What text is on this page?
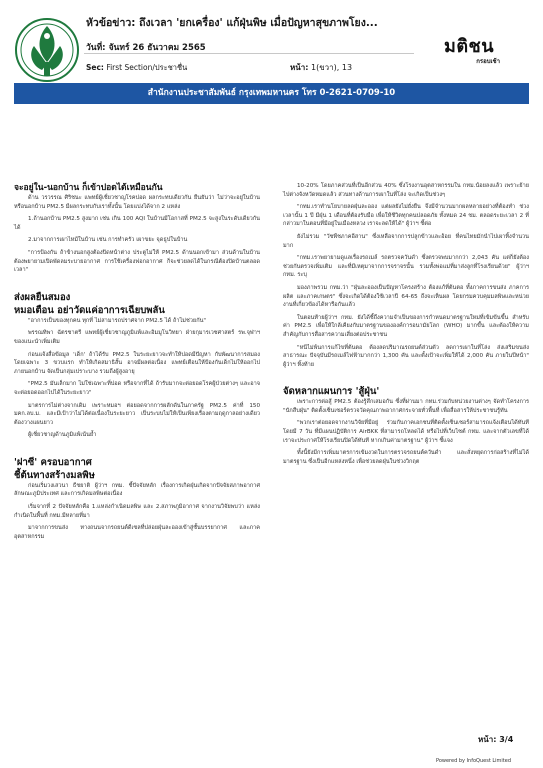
หัวข้อข่าว: ถึงเวลา 'ยกเครื่อง' แก้ฝุ่นพิษ เมื่อปัญหาสุขภาพโยง...
วันที่: จันทร์ 26 ธันวาคม 2565
Sec: First Section/ประชาชื่น	หน้า: 1(ขวา), 13
มติชน
กรอบเช้า
สำนักงานประชาสัมพันธ์ กรุงเทพมหานคร โทร 0-2621-0709-10
จะอยู่ใน-นอกบ้าน ก็เข้าปอดได้เหมือนกัน

ด้าน วรวรรณ ศิริชนะ แพทย์ผู้เชี่ยวชาญโรคปอด ผลกระทบเดียวกัน ยืนยันว่า ไม่ว่าจะอยู่ในบ้าน หรือนอกบ้าน PM2.5 มีผลกระทบกับเราทั้งนั้น โดยแบ่งได้จาก 2 แหล่ง

1.ถ้านอกบ้าน PM2.5 สูงมาก เช่น เกิน 100 AQI ในบ้านมีโอกาสที่ PM2.5 จะสูงในระดับเดียวกันได้

2.มาจากการเผาไหม้ในบ้าน เช่น การทำครัว เผาขยะ จุดธูปในบ้าน

"การป้องกัน ถ้าข้างนอกสูงต้องปิดหน้าต่าง ประตูไม่ให้ PM2.5 ด้านนอกเข้ามา ส่วนด้านในบ้านต้องพยายามเปิดพัดลมระบายอากาศ การใช้เครื่องฟอกอากาศ ก็จะช่วยลดได้ในกรณีต้องปิดบ้านตลอดเวลา"

ส่งผลยืนสมอง
หมอเตือน อย่าวัดแค่อาการเฉียบพลัน

"อาการเป็นของทุกคน ทุกที่ ไม่สามารถปราศจาก PM2.5 ได้ ถ้าไม่ช่วยกัน"

พรรณทิพา ฉัตรชาตรี แพทย์ผู้เชี่ยวชาญภูมิแพ้และอิมมูโนวิทยา ฝ่ายกุมารเวชศาสตร์ รพ.จุฬาฯ ของแนะนำเพิ่มเติม

ก่อนแจ้งสื่อข้อมูล 'เด็ก' ถ้าได้รับ PM2.5 ในระยะยาวจะทำให้ปอดมีปัญหา กับพัฒนาการสมอง โดยเฉพาะ 3 ขวบแรก ทำให้เกิดสมาธิสั้น อาจมีผลต่อเนื่อง แพทย์เตือนให้ป้องกันเด็กไม่ให้ออกไปภายนอกบ้าน จัดเป็นกลุ่มเปราะบาง รวมถึงผู้สูงอายุ

"PM2.5 มันเล็กมาก ไม่ใช่เฉพาะที่ปอด หรือจากที่ได้ ถ้ารับมากจะต่อยอดโรคผู้ป่วยต่างๆ และอาจจะต่อยอดออกไปได้ในระยะยาว"

มาตรการไม่ต่างจากเดิม เพราะหมอฯ ต่อยอดจากการผลักดันในภาครัฐ PM2.5 ค่าที่ 150 มคก.ลบ.ม. และมีเป้าว่าไม่ได้ต่อเนื่องในระยะยาว เป็นระบบไม่ให้เป็นเพียงเรื่องตามฤดูกาลอย่างเดียว ต้องวางแผนยาว

ผู้เชี่ยวชาญด้านภูมิแพ้เน้นย้ำ

'ฝาซี' ครอบอากาศ
ชี้ต้นทางสร้างมลพิษ

ก่อนเริ่มวงเสวนา ธีชยาติ ผู้ว่าฯ กทม. ชี้ปัจจัยหลัก เรื่องการเกิดฝุ่นเกิดจากปัจจัยสภาพอากาศ ลักษณะภูมิประเทศ และการเกิดมลพิษต่อเนื่อง

เริ่มจากที่ 2 ปัจจัยหลักคือ 1.แหล่งกำเนิดมลพิษ และ 2.สภาพภูมิอากาศ จากงานวิจัยพบว่า แหล่งกำเนิดในพื้นที่ กทม.มีหลายที่มา

มาจากการขนส่ง ทางถนนจากรถยนต์ดีเซลที่ปล่อยฝุ่นละอองเข้าสู่ชั้นบรรยากาศ และภาคอุตสาหกรรม

10-20% โดยภาคส่วนที่เป็นอีกส่วน 40% ซึ่งโรงงานอุตสาหกรรมใน กทม.น้อยลงแล้ว เพราะย้ายไปต่างจังหวัดหมดแล้ว ส่วนทางด้านการเผาในที่โล่ง จะเกิดเป็นช่วงๆ

"กทม.เราทำนโยบายลดฝุ่นละออง แต่ผลยังไม่ยั่งยืน จึงมีจำนวนมากผลหลายอย่างที่ต้องทำ ช่วงเวลานั้น 1 ปี มีฝุ่น 1 เดือนที่ต้องรับมือ เพื่อให้ชีวิตทุกคนปลอดภัย ทั้งหมด 24 ชม. ตลอดระยะเวลา 2 ที่กล่าวมาในตอนที่มีอยู่ในเมืองหลวง เราจะลดให้ได้" ผู้ว่าฯ ชี้ต่อ

ยังไม่รวม "วัชพืชภาคอีสาน" ซึ่งเหลือจากการปลูกข้าวและอ้อย ที่คนไทยมักนำไปเผาทิ้งจำนวนมาก

"กทม.เราพยายามดูแลเรื่องรถเมล์ รถตรวจควันดำ ซึ่งตรวจพบมากกว่า 2,043 คัน แต่ก็ยังต้องช่วยกันตรวจเพิ่มเติม และที่มีเหตุมาจากการจราจรนั้น รวมทั้งพ่อแม่ที่มาส่งลูกที่โรงเรียนด้วย" ผู้ว่าฯ กทม. ระบุ

มองภาพรวม กทม.ว่า "ฝุ่นละอองเป็นปัญหาโครงสร้าง ต้องแก้ที่ต้นตอ ทั้งภาคการขนส่ง ภาคการผลิต และภาคเกษตร" ซึ่งจะเกิดได้ต้องใช้เวลาปี 64-65 ถึงจะเห็นผล โดยกรมควบคุมมลพิษและหน่วยงานที่เกี่ยวข้องได้หารือกันแล้ว

ในตอนท้ายผู้ว่าฯ กทม. ยังได้ชี้ถึงความจำเป็นของการกำหนดมาตรฐานใหม่ที่เข้มข้นขึ้น สำหรับค่า PM2.5 เพื่อให้ใกล้เคียงกับมาตรฐานขององค์การอนามัยโลก (WHO) มากขึ้น และต้องให้ความสำคัญกับการสื่อสารความเสี่ยงต่อประชาชน

"หนีไม่พ้นการแก้ไขที่ต้นตอ ต้องลดปริมาณรถยนต์ส่วนตัว ลดการเผาในที่โล่ง ส่งเสริมขนส่งสาธารณะ ปัจจุบันมีรถเมล์ไฟฟ้ามากกว่า 1,300 คัน และตั้งเป้าจะเพิ่มให้ได้ 2,000 คัน ภายในปีหน้า" ผู้ว่าฯ ทิ้งท้าย

จัดหลากแผนการ 'สู้ฝุ่น'

เพราะการต่อสู้ PM2.5 ต้องรู้สึกเสมอกัน ซึ่งที่ผ่านมา กทม.ร่วมกับหน่วยงานต่างๆ จัดทำโครงการ "นักสืบฝุ่น" ติดตั้งเซ็นเซอร์ตรวจวัดคุณภาพอากาศกระจายทั่วพื้นที่ เพื่อสื่อสารให้ประชาชนรู้ทัน

"พวกเราต่อยอดจากงานวิจัยที่มีอยู่ ร่วมกับภาคเอกชนที่ติดตั้งเซ็นเซอร์สามารถแจ้งเตือนได้ทันที โดยมี 7 วัน ที่มีแผนปฏิบัติการ AirBKK ที่สามารถโหลดได้ หรือไปที่เว็บไซต์ กทม. และจากตัวเลขที่ได้ เราจะประกาศให้โรงเรียนปิดได้ทันที หากเกินค่ามาตรฐาน" ผู้ว่าฯ ชี้แจง

ทั้งนี้ยังมีการเพิ่มมาตรการเข้มงวดในการตรวจรถยนต์ควันดำ และสั่งหยุดการก่อสร้างที่ไม่ได้มาตรฐาน ซึ่งเป็นอีกแหล่งหนึ่ง เพื่อช่วยลดฝุ่นในช่วงวิกฤต

หน้า: 3/4
Powered by InfoQuest Limited
